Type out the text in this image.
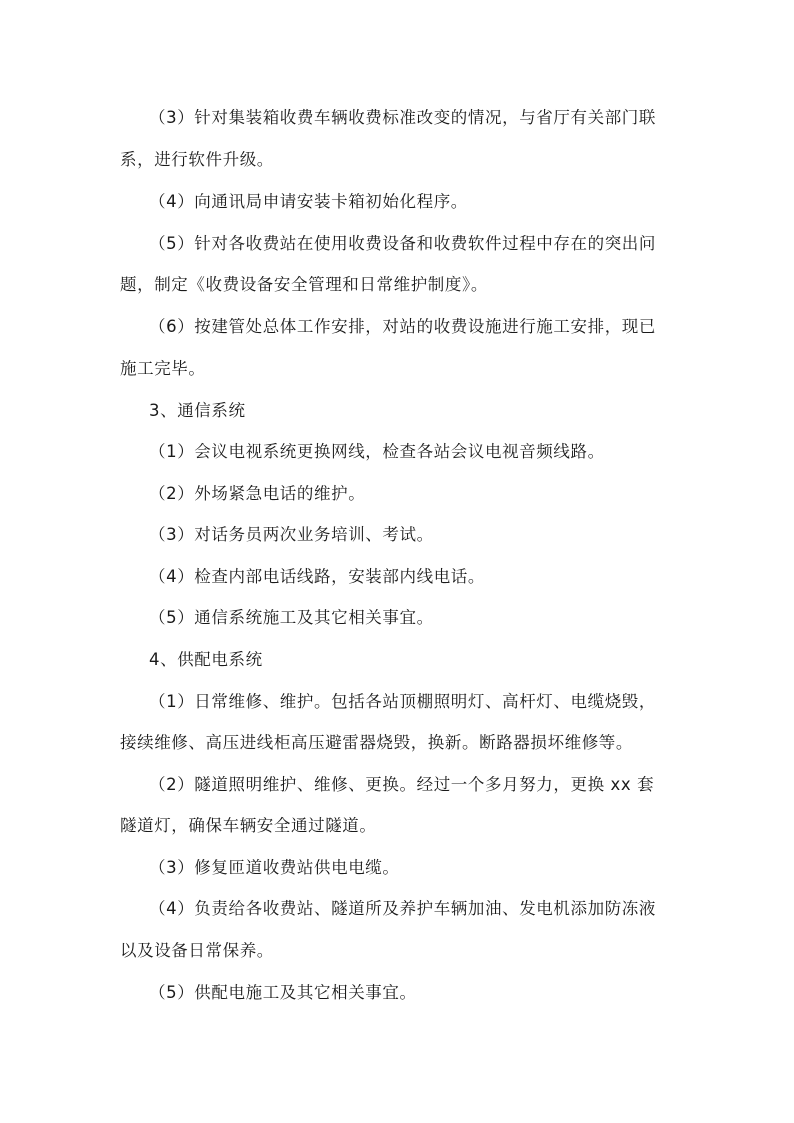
（3）针对集装箱收费车辆收费标准改变的情况，与省厅有关部门联
系，进行软件升级。
（4）向通讯局申请安装卡箱初始化程序。
（5）针对各收费站在使用收费设备和收费软件过程中存在的突出问
题，制定《收费设备安全管理和日常维护制度》。
（6）按建管处总体工作安排，对站的收费设施进行施工安排，现已
施工完毕。
3、通信系统
（1）会议电视系统更换网线，检查各站会议电视音频线路。
（2）外场紧急电话的维护。
（3）对话务员两次业务培训、考试。
（4）检查内部电话线路，安装部内线电话。
（5）通信系统施工及其它相关事宜。
4、供配电系统
（1）日常维修、维护。包括各站顶棚照明灯、高杆灯、电缆烧毁，
接续维修、高压进线柜高压避雷器烧毁，换新。断路器损坏维修等。
（2）隧道照明维护、维修、更换。经过一个多月努力，更换 xx 套
隧道灯，确保车辆安全通过隧道。
（3）修复匝道收费站供电电缆。
（4）负责给各收费站、隧道所及养护车辆加油、发电机添加防冻液
以及设备日常保养。
（5）供配电施工及其它相关事宜。
